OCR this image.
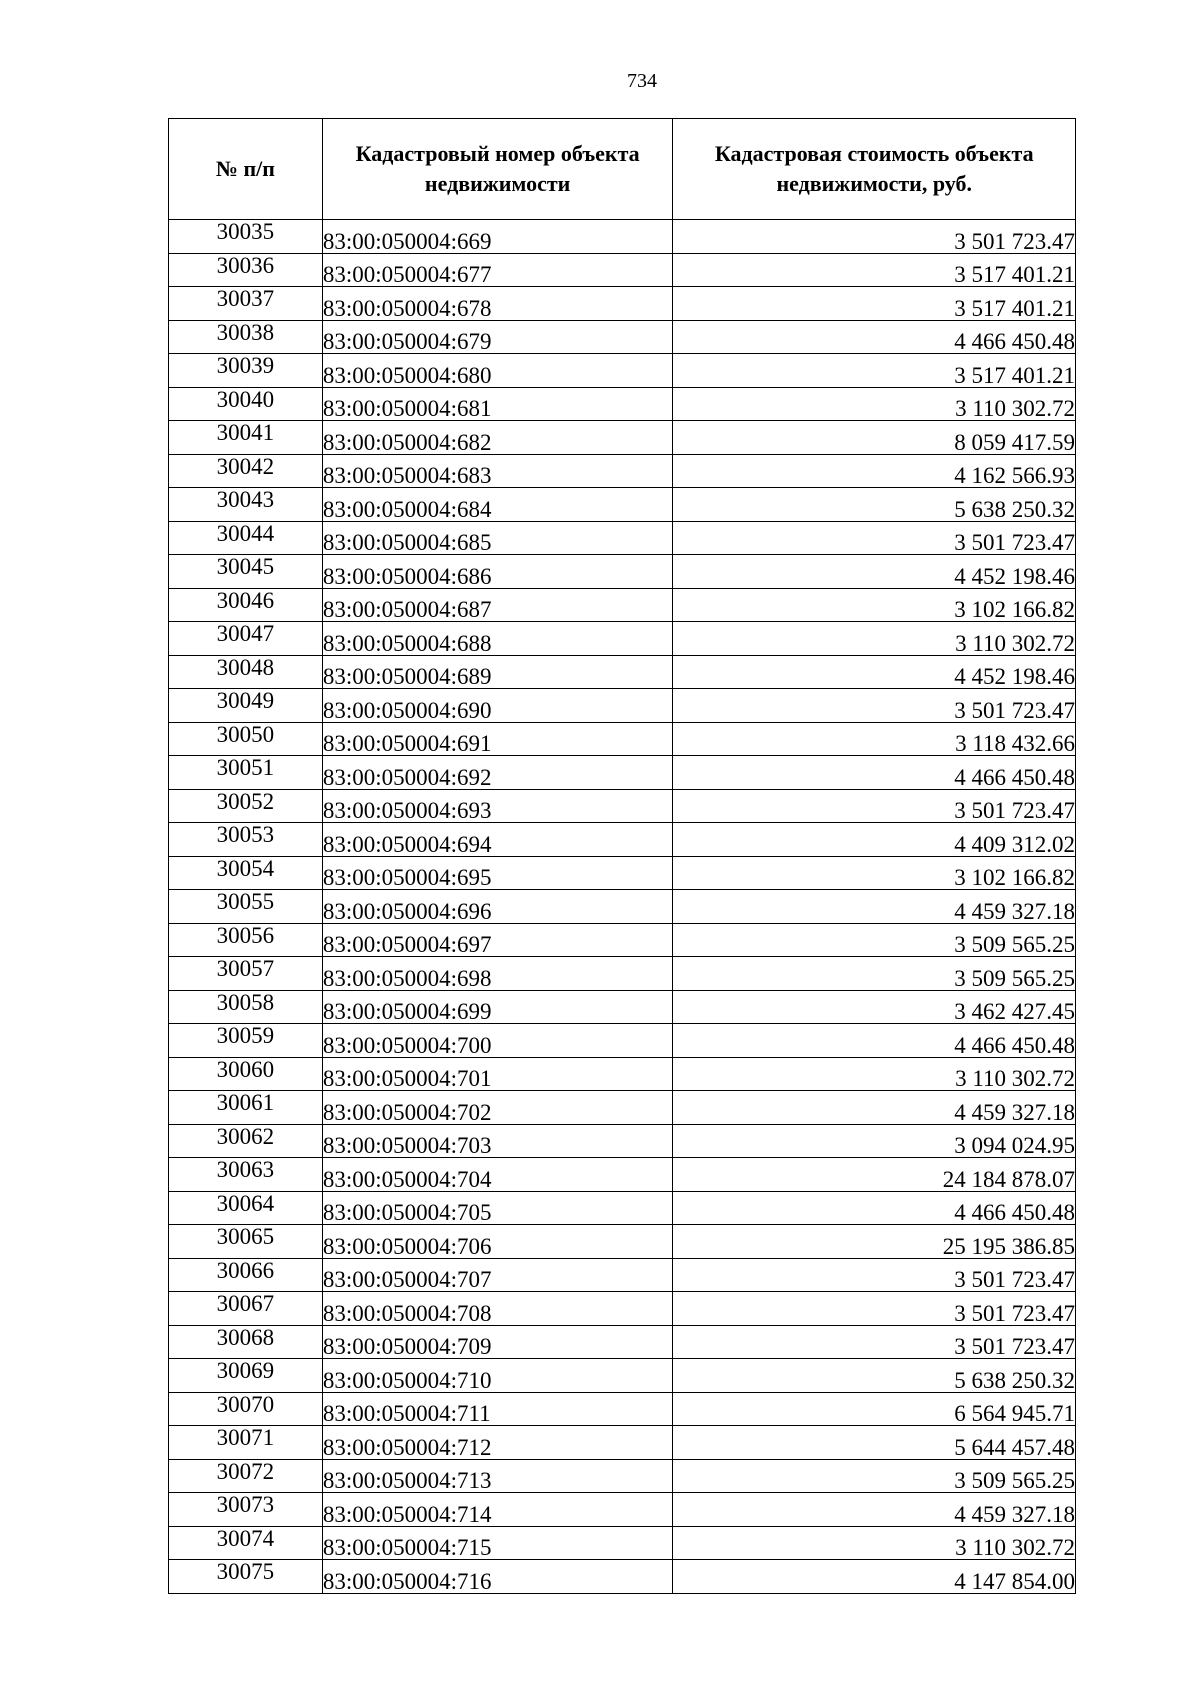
734
№ п/п	Кадастровый номер объекта недвижимости	Кадастровая стоимость объекта недвижимости, руб.
30035	83:00:050004:669	3 501 723.47
30036	83:00:050004:677	3 517 401.21
30037	83:00:050004:678	3 517 401.21
30038	83:00:050004:679	4 466 450.48
30039	83:00:050004:680	3 517 401.21
30040	83:00:050004:681	3 110 302.72
30041	83:00:050004:682	8 059 417.59
30042	83:00:050004:683	4 162 566.93
30043	83:00:050004:684	5 638 250.32
30044	83:00:050004:685	3 501 723.47
30045	83:00:050004:686	4 452 198.46
30046	83:00:050004:687	3 102 166.82
30047	83:00:050004:688	3 110 302.72
30048	83:00:050004:689	4 452 198.46
30049	83:00:050004:690	3 501 723.47
30050	83:00:050004:691	3 118 432.66
30051	83:00:050004:692	4 466 450.48
30052	83:00:050004:693	3 501 723.47
30053	83:00:050004:694	4 409 312.02
30054	83:00:050004:695	3 102 166.82
30055	83:00:050004:696	4 459 327.18
30056	83:00:050004:697	3 509 565.25
30057	83:00:050004:698	3 509 565.25
30058	83:00:050004:699	3 462 427.45
30059	83:00:050004:700	4 466 450.48
30060	83:00:050004:701	3 110 302.72
30061	83:00:050004:702	4 459 327.18
30062	83:00:050004:703	3 094 024.95
30063	83:00:050004:704	24 184 878.07
30064	83:00:050004:705	4 466 450.48
30065	83:00:050004:706	25 195 386.85
30066	83:00:050004:707	3 501 723.47
30067	83:00:050004:708	3 501 723.47
30068	83:00:050004:709	3 501 723.47
30069	83:00:050004:710	5 638 250.32
30070	83:00:050004:711	6 564 945.71
30071	83:00:050004:712	5 644 457.48
30072	83:00:050004:713	3 509 565.25
30073	83:00:050004:714	4 459 327.18
30074	83:00:050004:715	3 110 302.72
30075	83:00:050004:716	4 147 854.00
